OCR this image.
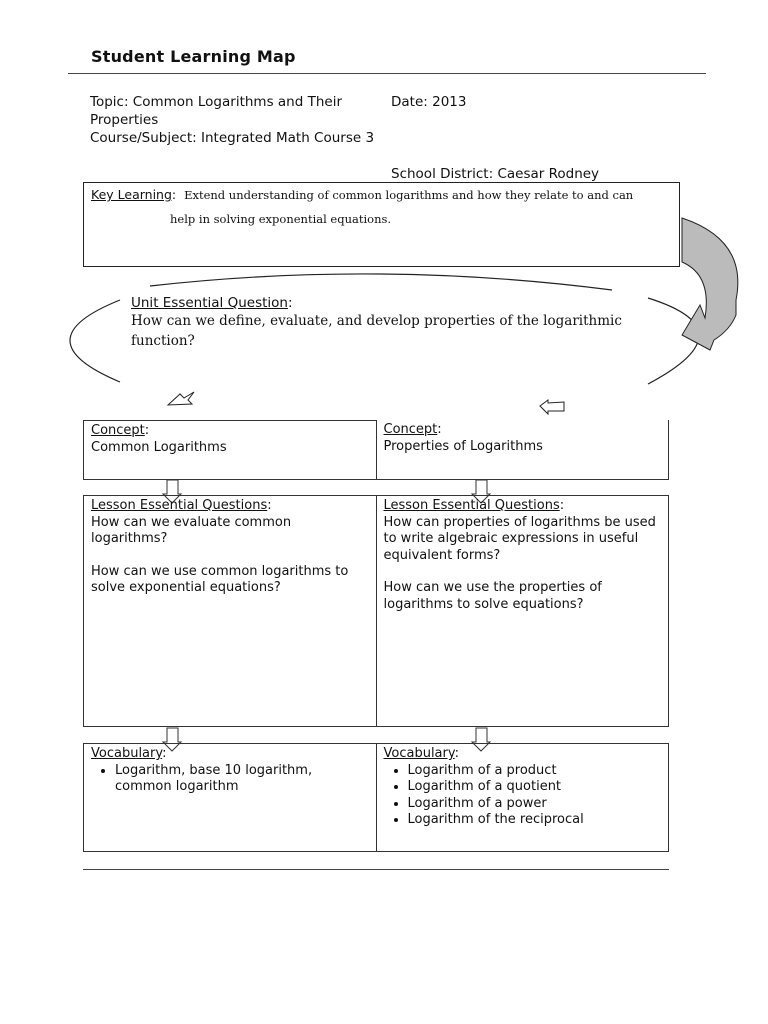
Student Learning Map
Topic: Common Logarithms and Their Properties
Course/Subject: Integrated Math Course 3
Date: 2013
School District: Caesar Rodney
Key Learning: Extend understanding of common logarithms and how they relate to and can
help in solving exponential equations.
Unit Essential Question:
How can we define, evaluate, and develop properties of the logarithmic function?
Concept:
Common Logarithms
Concept:
Properties of Logarithms
Lesson Essential Questions:
How can we evaluate common logarithms?
How can we use common logarithms to solve exponential equations?
Lesson Essential Questions:
How can properties of logarithms be used to write algebraic expressions in useful equivalent forms?
How can we use the properties of logarithms to solve equations?
Vocabulary:
• Logarithm, base 10 logarithm, common logarithm
Vocabulary:
• Logarithm of a product
• Logarithm of a quotient
• Logarithm of a power
• Logarithm of the reciprocal
